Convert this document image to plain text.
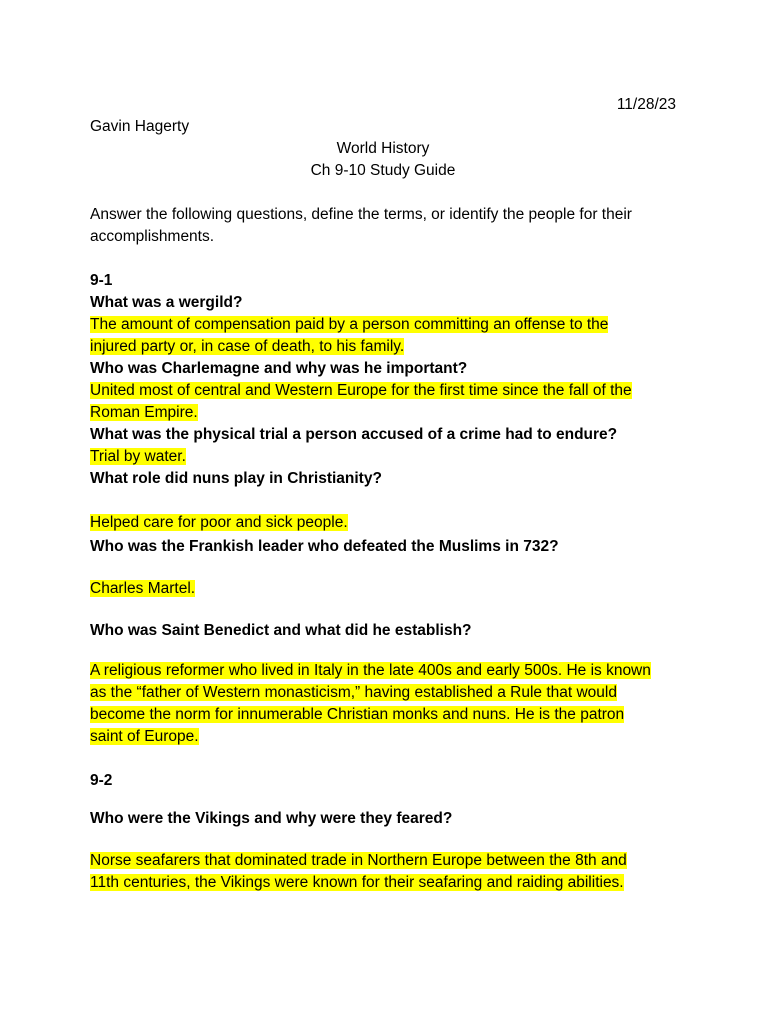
11/28/23
Gavin Hagerty
World History
Ch 9-10 Study Guide
Answer the following questions, define the terms, or identify the people for their
accomplishments.
9-1
What was a wergild?
The amount of compensation paid by a person committing an offense to the
injured party or, in case of death, to his family.
Who was Charlemagne and why was he important?
United most of central and Western Europe for the first time since the fall of the
Roman Empire.
What was the physical trial a person accused of a crime had to endure?
Trial by water.
What role did nuns play in Christianity?
Helped care for poor and sick people.
Who was the Frankish leader who defeated the Muslims in 732?
Charles Martel.
Who was Saint Benedict and what did he establish?
A religious reformer who lived in Italy in the late 400s and early 500s. He is known
as the “father of Western monasticism,” having established a Rule that would
become the norm for innumerable Christian monks and nuns. He is the patron
saint of Europe.
9-2
Who were the Vikings and why were they feared?
Norse seafarers that dominated trade in Northern Europe between the 8th and
11th centuries, the Vikings were known for their seafaring and raiding abilities.
